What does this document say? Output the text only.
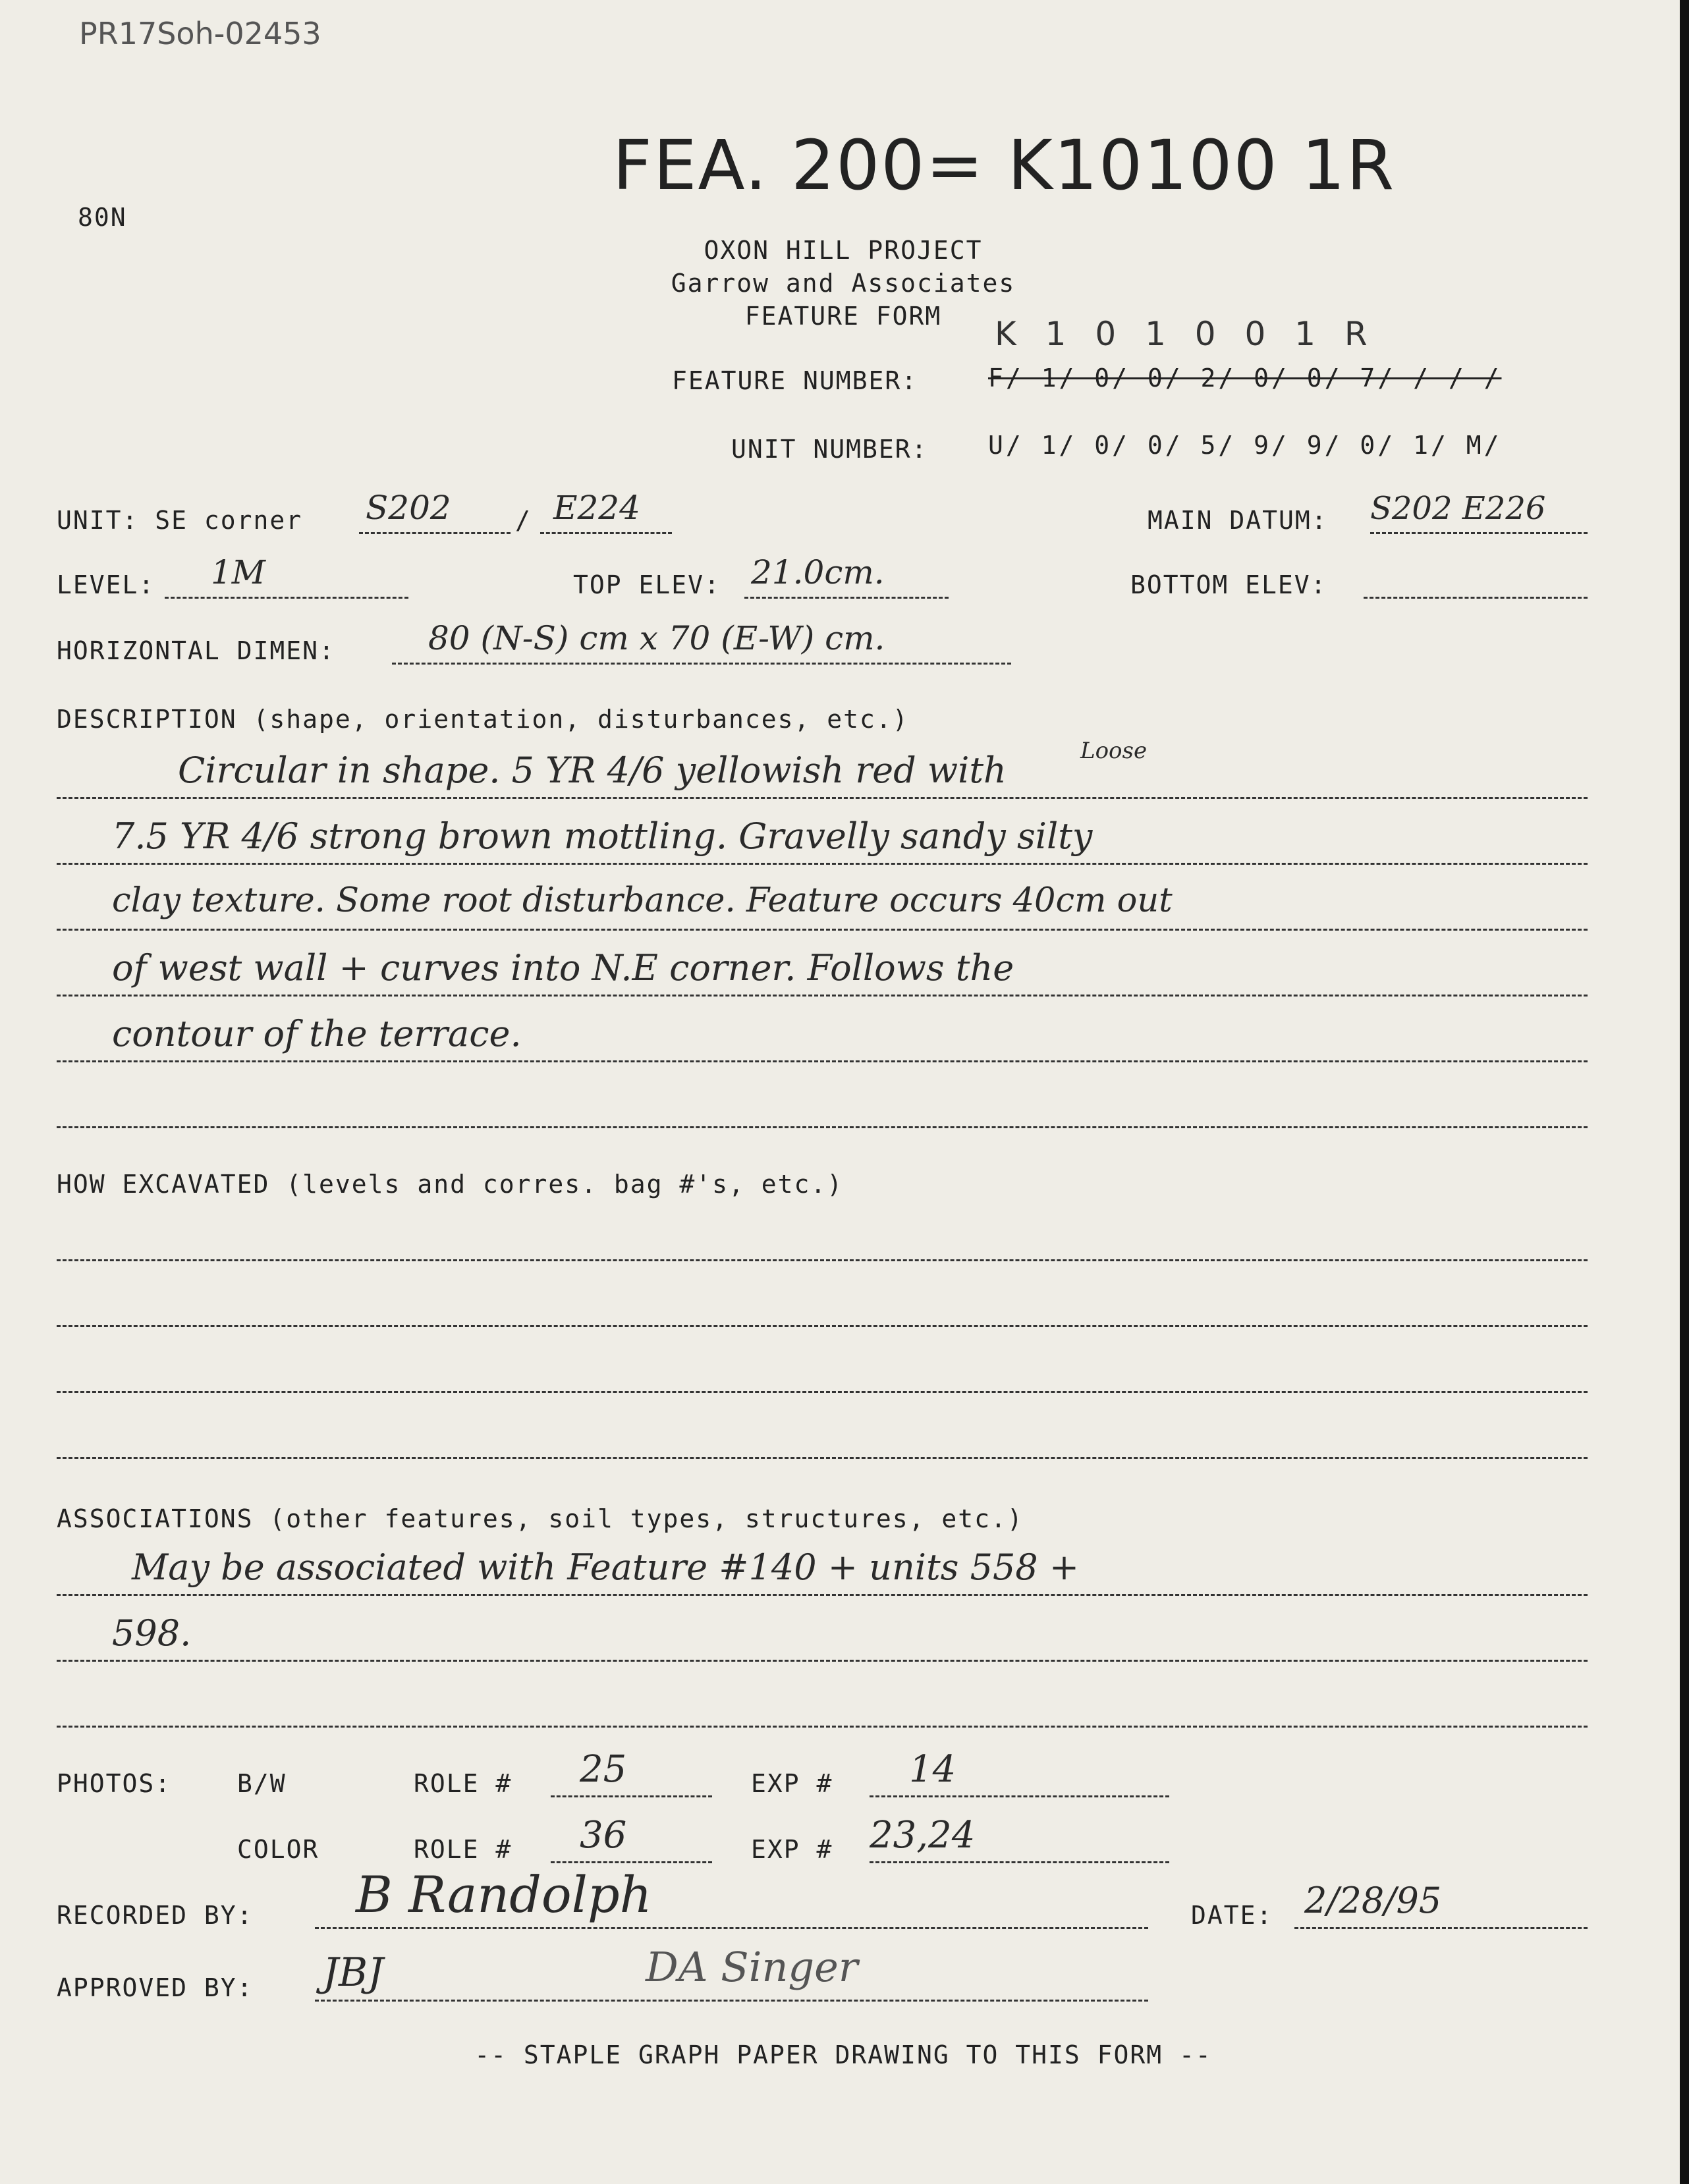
PR17Soh-02453
FEA. 200= K10100 1R
80N
OXON HILL PROJECT
Garrow and Associates
FEATURE FORM	K 1 0 1 0 0 1 R
FEATURE NUMBER:	F/ 1/ 0/ 0/ 2/ 0/ 0/ 7/ / / /
UNIT NUMBER: U/ 1/ 0/ 0/ 5/ 9/ 9/ 0/ 1/ M/
UNIT: SE corner S202	/ E224	MAIN DATUM: S202 E226
LEVEL: 1M	TOP ELEV: 21.0cm.	BOTTOM ELEV:
HORIZONTAL DIMEN:	80 (N-S) cm x 70 (E-W) cm.
DESCRIPTION (shape, orientation, disturbances, etc.)
Loose
Circular in shape. 5 YR 4/6 yellowish red with
7.5 YR 4/6 strong brown mottling. Gravelly sandy silty
clay texture. Some root disturbance. Feature occurs 40cm out
of west wall + curves into N.E corner. Follows the
contour of the terrace.
HOW EXCAVATED (levels and corres. bag #'s, etc.)
ASSOCIATIONS (other features, soil types, structures, etc.)
May be associated with Feature #140 + units 558 +
598.
PHOTOS:	B/W	ROLE # 25	EXP # 14
COLOR	ROLE # 36	EXP # 23,24
RECORDED BY: B Randolph	DATE: 2/28/95
APPROVED BY: JBJ	DA Singer
-- STAPLE GRAPH PAPER DRAWING TO THIS FORM --
